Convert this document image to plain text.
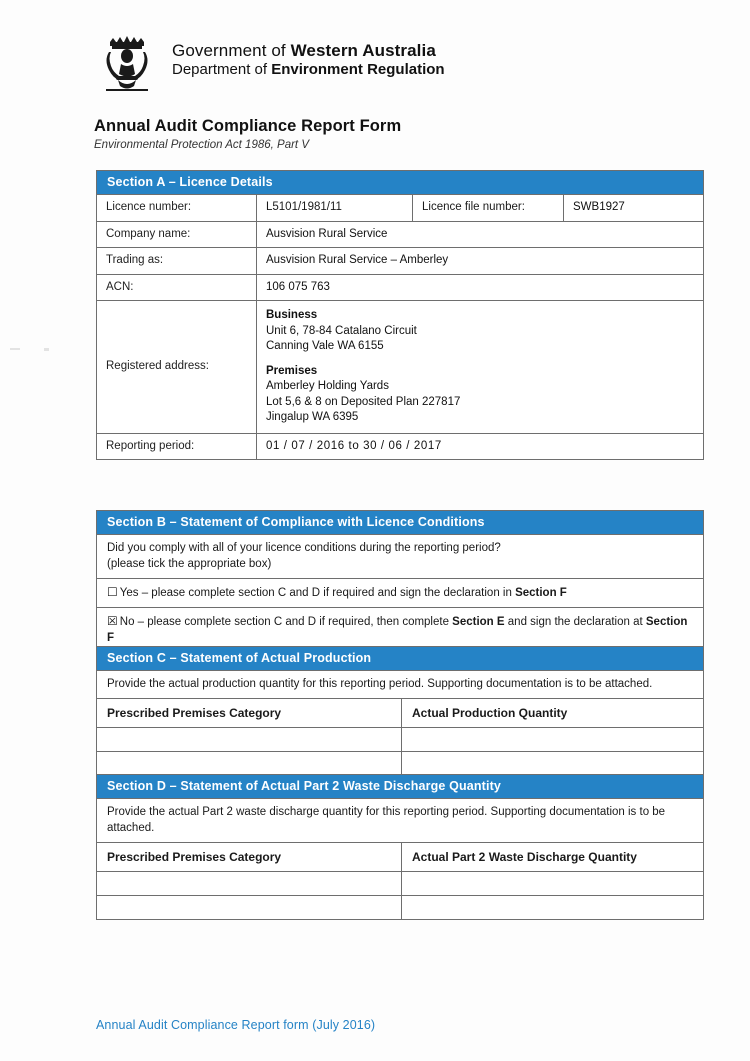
Government of Western Australia
Department of Environment Regulation
Annual Audit Compliance Report Form
Environmental Protection Act 1986, Part V
Section A – Licence Details
Licence number:	L5101/1981/11	Licence file number:	SWB1927
Company name:	Ausvision Rural Service
Trading as:	Ausvision Rural Service – Amberley
ACN:	106 075 763
Registered address:
Business
Unit 6, 78-84 Catalano Circuit
Canning Vale WA 6155
Premises
Amberley Holding Yards
Lot 5,6 & 8 on Deposited Plan 227817
Jingalup WA 6395
Reporting period:	01 / 07 / 2016 to 30 / 06 / 2017
Section B – Statement of Compliance with Licence Conditions
Did you comply with all of your licence conditions during the reporting period?
(please tick the appropriate box)
☐ Yes – please complete section C and D if required and sign the declaration in Section F
☒ No – please complete section C and D if required, then complete Section E and sign the declaration at Section F
Section C – Statement of Actual Production
Provide the actual production quantity for this reporting period. Supporting documentation is to be attached.
Prescribed Premises Category	Actual Production Quantity
Section D – Statement of Actual Part 2 Waste Discharge Quantity
Provide the actual Part 2 waste discharge quantity for this reporting period. Supporting documentation is to be attached.
Prescribed Premises Category	Actual Part 2 Waste Discharge Quantity
Annual Audit Compliance Report form (July 2016)
